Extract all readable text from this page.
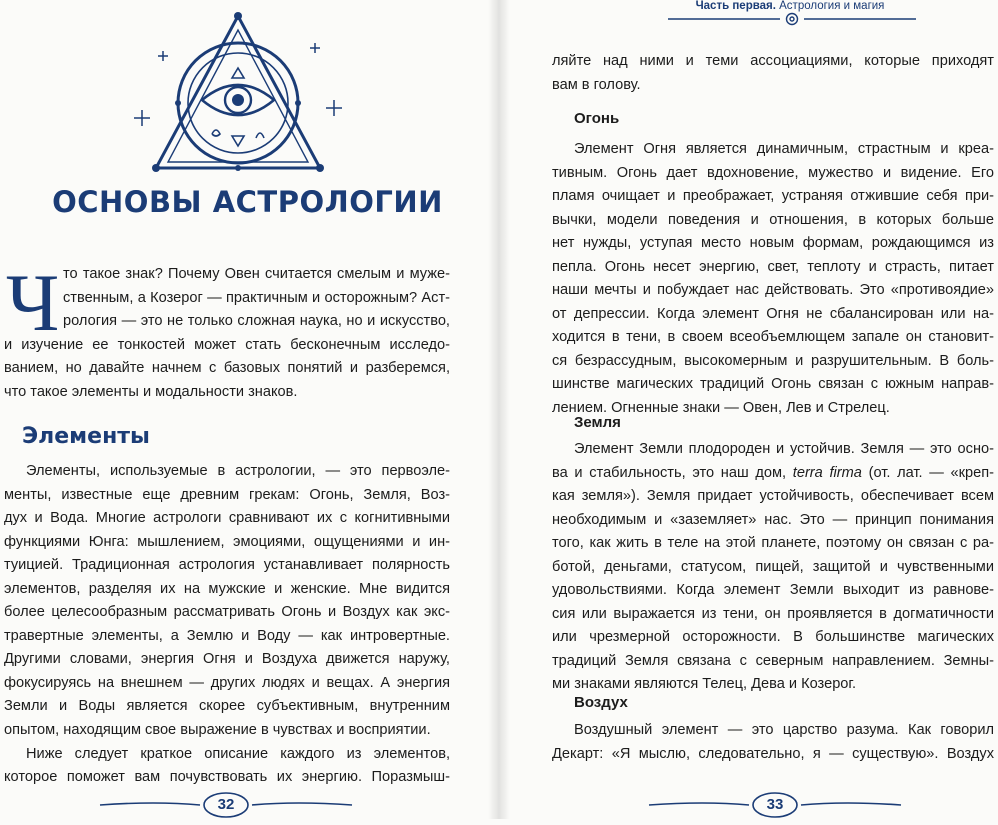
ОСНОВЫ АСТРОЛОГИИ
Ч то такое знак? Почему Овен считается смелым и муже-
ственным, а Козерог — практичным и осторожным? Аст-

рология — это не только сложная наука, но и искусство,
и изучение ее тонкостей может стать бесконечным исследо-
ванием, но давайте начнем с базовых понятий и разберемся,
что такое элементы и модальности знаков.

Элементы

Элементы, используемые в астрологии, — это первоэле-
менты, известные еще древним грекам: Огонь, Земля, Воз-
дух и Вода. Многие астрологи сравнивают их с когнитивными
функциями Юнга: мышлением, эмоциями, ощущениями и ин-
туицией. Традиционная астрология устанавливает полярность
элементов, разделяя их на мужские и женские. Мне видится
более целесообразным рассматривать Огонь и Воздух как экс-
травертные элементы, а Землю и Воду — как интровертные.
Другими словами, энергия Огня и Воздуха движется наружу,
фокусируясь на внешнем — других людях и вещах. А энергия
Земли и Воды является скорее субъективным, внутренним
опытом, находящим свое выражение в чувствах и восприятии.
Ниже следует краткое описание каждого из элементов,
которое поможет вам почувствовать их энергию. Поразмыш-

32
Часть первая. Астрология и магия

ляйте над ними и теми ассоциациями, которые приходят
вам в голову.

Огонь

Элемент Огня является динамичным, страстным и креа-
тивным. Огонь дает вдохновение, мужество и видение. Его
пламя очищает и преображает, устраняя отжившие себя при-
вычки, модели поведения и отношения, в которых больше
нет нужды, уступая место новым формам, рождающимся из
пепла. Огонь несет энергию, свет, теплоту и страсть, питает
наши мечты и побуждает нас действовать. Это «противоядие»
от депрессии. Когда элемент Огня не сбалансирован или на-
ходится в тени, в своем всеобъемлющем запале он становит-
ся безрассудным, высокомерным и разрушительным. В боль-
шинстве магических традиций Огонь связан с южным направ-
лением. Огненные знаки — Овен, Лев и Стрелец.

Земля

Элемент Земли плодороден и устойчив. Земля — это осно-
ва и стабильность, это наш дом, terra firma (от. лат. — «креп-
кая земля»). Земля придает устойчивость, обеспечивает всем
необходимым и «заземляет» нас. Это — принцип понимания
того, как жить в теле на этой планете, поэтому он связан с ра-
ботой, деньгами, статусом, пищей, защитой и чувственными
удовольствиями. Когда элемент Земли выходит из равнове-
сия или выражается из тени, он проявляется в догматичности
или чрезмерной осторожности. В большинстве магических
традиций Земля связана с северным направлением. Земны-
ми знаками являются Телец, Дева и Козерог.

Воздух

Воздушный элемент — это царство разума. Как говорил
Декарт: «Я мыслю, следовательно, я — существую». Воздух

33
